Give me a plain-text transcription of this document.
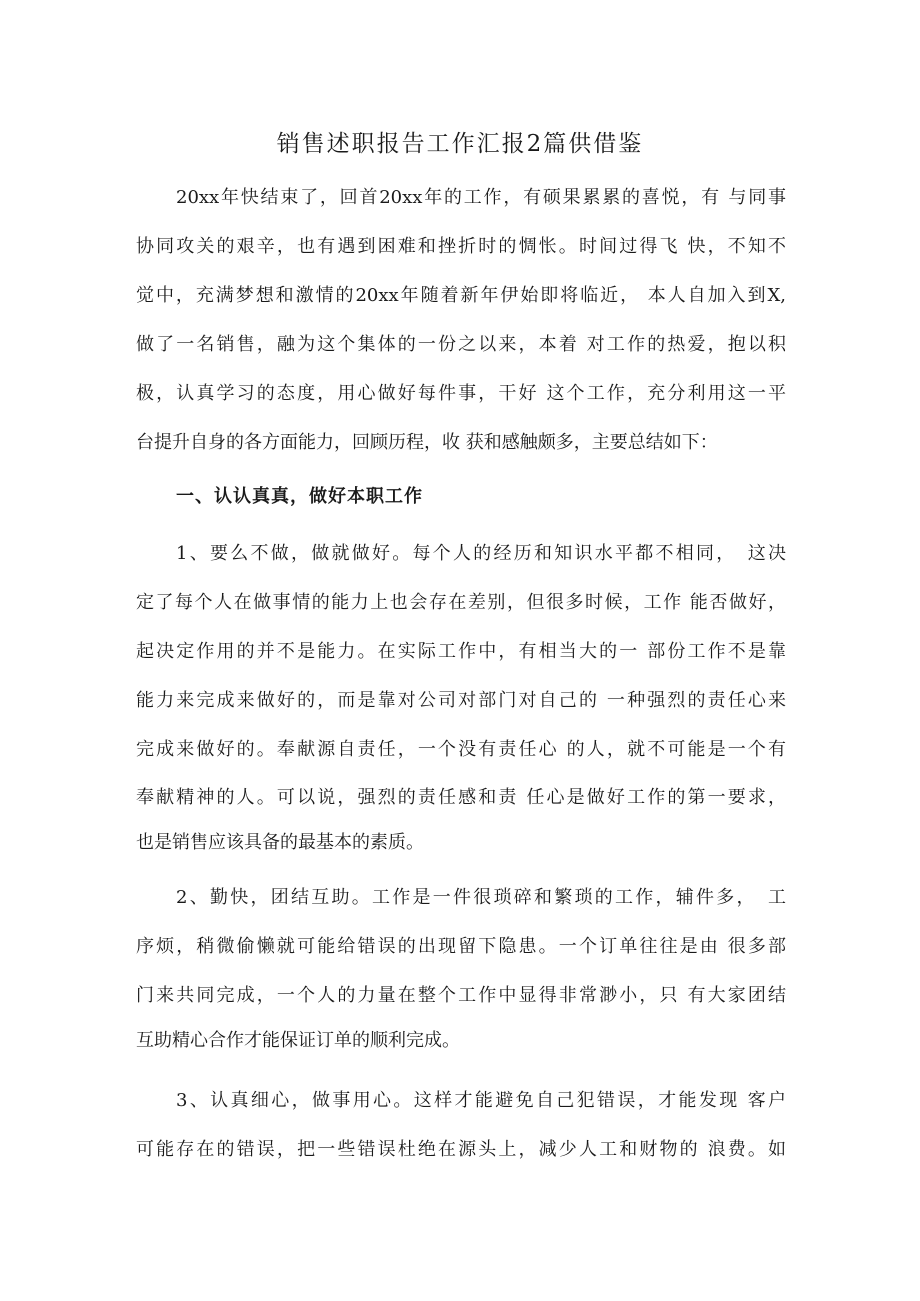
销售述职报告工作汇报2篇供借鉴

20xx年快结束了，回首20xx年的工作，有硕果累累的喜悦，有 与同事

协同攻关的艰辛，也有遇到困难和挫折时的惆怅。时间过得飞 快，不知不

觉中，充满梦想和激情的20xx年随着新年伊始即将临近， 本人自加入到X,

做了一名销售，融为这个集体的一份之以来，本着 对工作的热爱，抱以积

极，认真学习的态度，用心做好每件事，干好 这个工作，充分利用这一平

台提升自身的各方面能力，回顾历程，收 获和感触颇多，主要总结如下：

一、认认真真，做好本职工作

1、要么不做，做就做好。每个人的经历和知识水平都不相同，　这决

定了每个人在做事情的能力上也会存在差别，但很多时候，工作 能否做好，

起决定作用的并不是能力。在实际工作中，有相当大的一 部份工作不是靠

能力来完成来做好的，而是靠对公司对部门对自己的 一种强烈的责任心来

完成来做好的。奉献源自责任，一个没有责任心 的人，就不可能是一个有

奉献精神的人。可以说，强烈的责任感和责 任心是做好工作的第一要求，

也是销售应该具备的最基本的素质。

2、勤快，团结互助。工作是一件很琐碎和繁琐的工作，辅件多，　工

序烦，稍微偷懒就可能给错误的出现留下隐患。一个订单往往是由 很多部

门来共同完成，一个人的力量在整个工作中显得非常渺小，只 有大家团结

互助精心合作才能保证订单的顺利完成。

3、认真细心，做事用心。这样才能避免自己犯错误，才能发现 客户

可能存在的错误，把一些错误杜绝在源头上，减少人工和财物的 浪费。如
